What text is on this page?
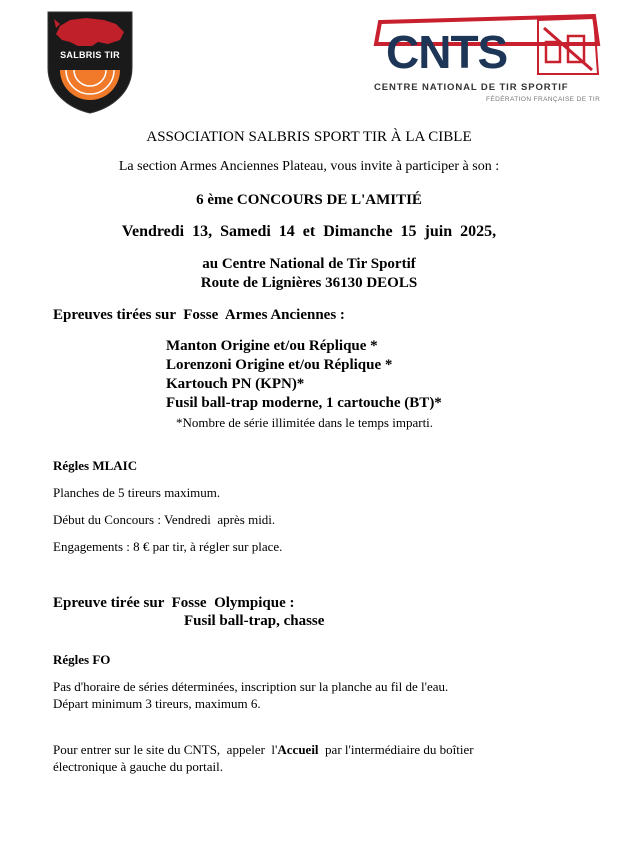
SALBRIS TIR	CNTS
CENTRE NATIONAL DE TIR SPORTIF
FÉDÉRATION FRANÇAISE DE TIR
ASSOCIATION SALBRIS SPORT TIR À LA CIBLE
La section Armes Anciennes Plateau, vous invite à participer à son :
6 ème CONCOURS DE L'AMITIÉ
Vendredi  13,  Samedi  14  et  Dimanche  15  juin  2025,
au Centre National de Tir Sportif
Route de Lignières 36130 DEOLS
Epreuves tirées sur  Fosse  Armes Anciennes :
Manton Origine et/ou Réplique *
Lorenzoni Origine et/ou Réplique *
Kartouch PN (KPN)*
Fusil ball-trap moderne, 1 cartouche (BT)*
*Nombre de série illimitée dans le temps imparti.
Régles MLAIC
Planches de 5 tireurs maximum.
Début du Concours : Vendredi  après midi.
Engagements : 8 € par tir, à régler sur place.
Epreuve tirée sur  Fosse  Olympique :
Fusil ball-trap, chasse
Régles FO
Pas d'horaire de séries déterminées, inscription sur la planche au fil de l'eau.
Départ minimum 3 tireurs, maximum 6.
Pour entrer sur le site du CNTS,  appeler  l'Accueil  par l'intermédiaire du boîtier
électronique à gauche du portail.
